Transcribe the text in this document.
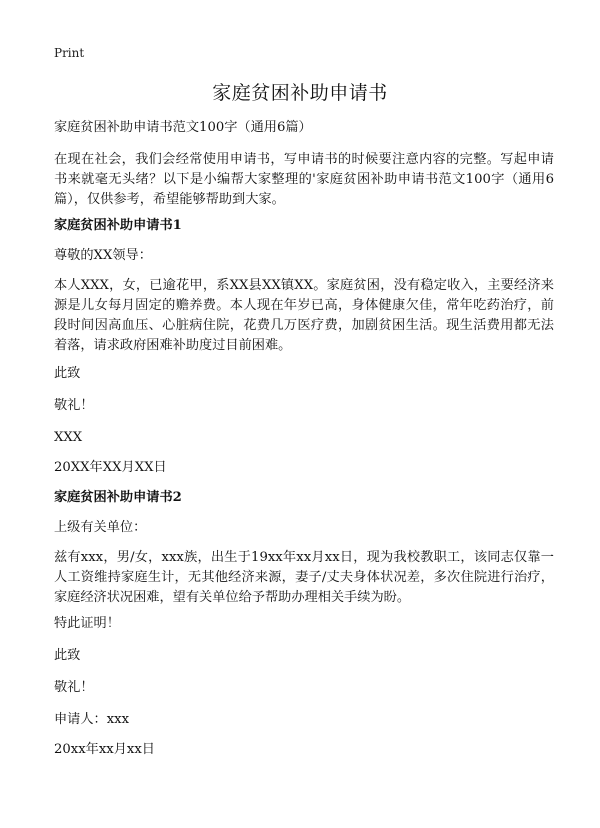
Print
家庭贫困补助申请书
家庭贫困补助申请书范文100字（通用6篇）
在现在社会，我们会经常使用申请书，写申请书的时候要注意内容的完整。写起申请书来就毫无头绪？以下是小编帮大家整理的'家庭贫困补助申请书范文100字（通用6篇），仅供参考，希望能够帮助到大家。
家庭贫困补助申请书1
尊敬的XX领导：
本人XXX，女，已逾花甲，系XX县XX镇XX。家庭贫困，没有稳定收入，主要经济来源是儿女每月固定的赡养费。本人现在年岁已高，身体健康欠佳，常年吃药治疗，前段时间因高血压、心脏病住院，花费几万医疗费，加剧贫困生活。现生活费用都无法着落，请求政府困难补助度过目前困难。
此致
敬礼！
XXX
20XX年XX月XX日
家庭贫困补助申请书2
上级有关单位：
兹有xxx，男/女，xxx族，出生于19xx年xx月xx日，现为我校教职工，该同志仅靠一人工资维持家庭生计，无其他经济来源，妻子/丈夫身体状况差，多次住院进行治疗，家庭经济状况困难，望有关单位给予帮助办理相关手续为盼。
特此证明！
此致
敬礼！
申请人：xxx
20xx年xx月xx日
